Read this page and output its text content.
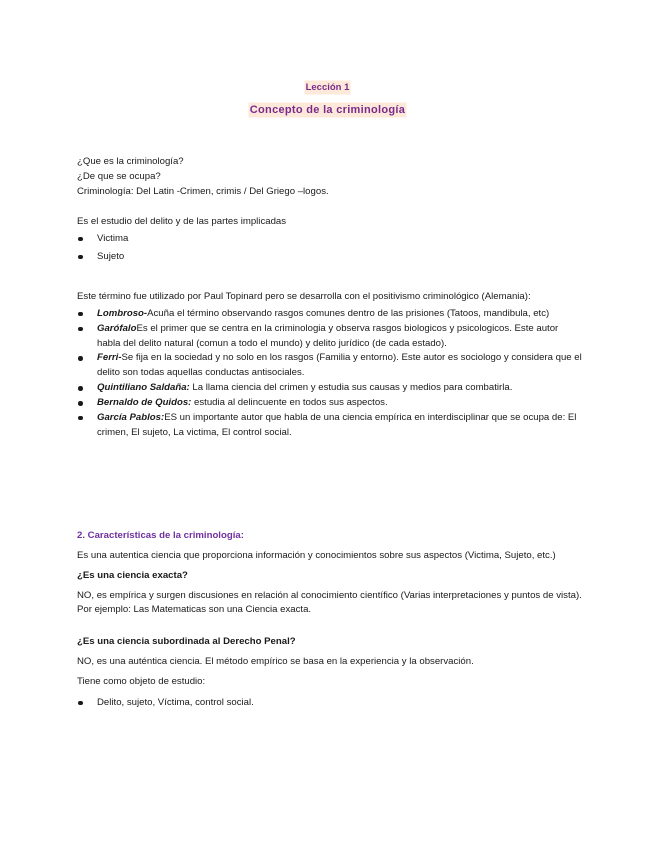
Lección 1
Concepto de la criminología

¿Que es la criminología?

¿De que se ocupa?

Criminología: Del Latin -Crimen, crimis / Del Griego –logos.

Es el estudio del delito y de las partes implicadas

Victima
Sujeto

Este término fue utilizado por Paul Topinard pero se desarrolla con el positivismo criminológico (Alemania):

Lombroso-Acuña el término observando rasgos comunes dentro de las prisiones (Tatoos, mandibula, etc)
GarófaloEs el primer que se centra en la criminologia y observa rasgos biologicos y psicologicos. Este autor habla del delito natural (comun a todo el mundo) y delito jurídico (de cada estado).
Ferri-Se fija en la sociedad y no solo en los rasgos (Familia y entorno). Este autor es sociologo y considera que el delito son todas aquellas conductas antisociales.
Quintiliano Saldaña: La llama ciencia del crimen y estudia sus causas y medios para combatirla.
Bernaldo de Quidos: estudia al delincuente en todos sus aspectos.
García Pablos:ES un importante autor que habla de una ciencia empírica en interdisciplinar que se ocupa de: El crimen, El sujeto, La victima, El control social.

2. Características de la criminología:

Es una autentica ciencia que proporciona información y conocimientos sobre sus aspectos (Victima, Sujeto, etc.)

¿Es una ciencia exacta?

NO, es empírica y surgen discusiones en relación al conocimiento científico (Varias interpretaciones y puntos de vista). Por ejemplo: Las Matematicas son una Ciencia exacta.

¿Es una ciencia subordinada al Derecho Penal?

NO, es una auténtica ciencia. El método empírico se basa en la experiencia y la observación.

Tiene como objeto de estudio:

Delito, sujeto, Víctima, control social.
